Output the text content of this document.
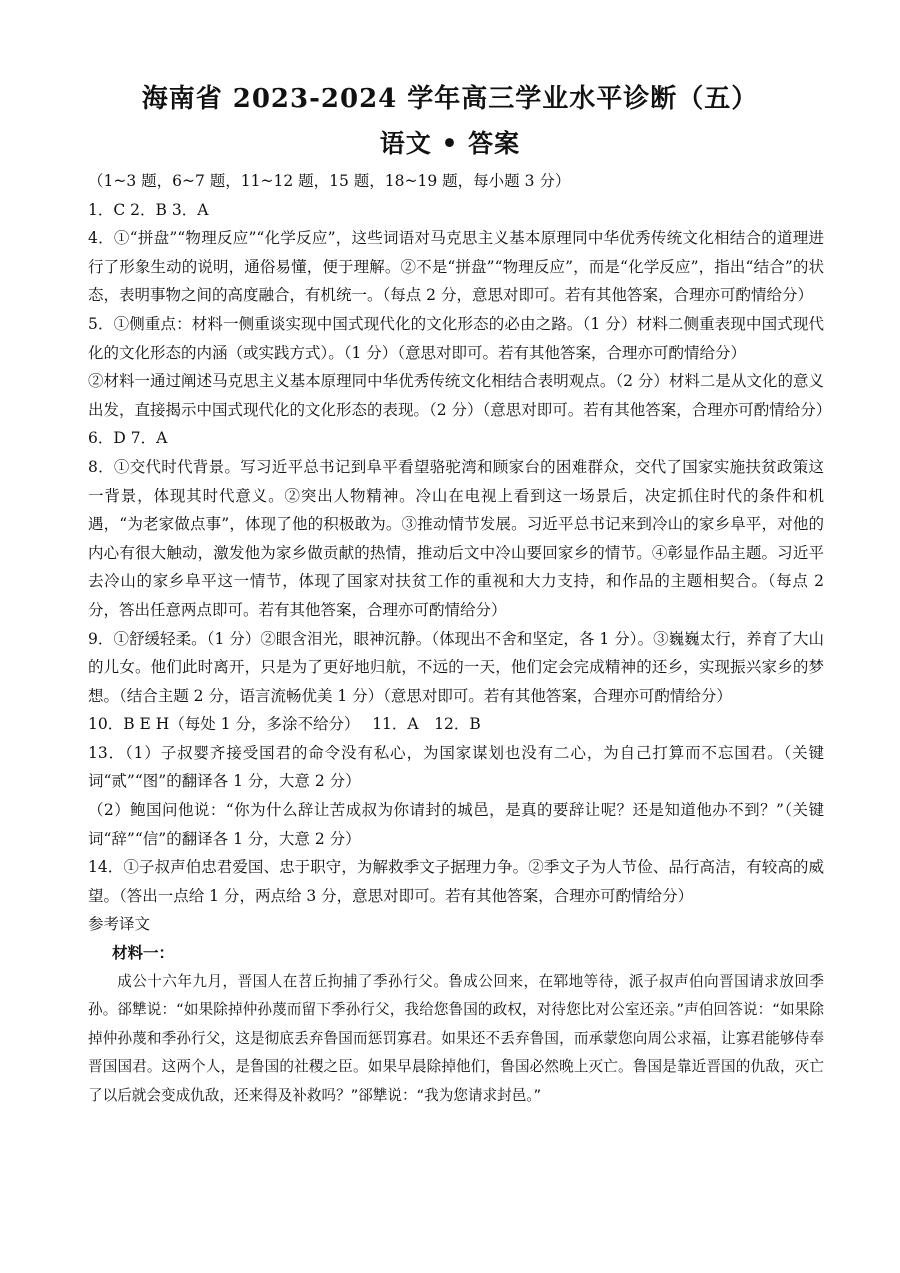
海南省 2023-2024 学年高三学业水平诊断（五）
语文 • 答案

（1~3 题，6~7 题，11~12 题，15 题，18~19 题，每小题 3 分）

1．C 2．B 3．A

4．①“拼盘”“物理反应”“化学反应”，这些词语对马克思主义基本原理同中华优秀传统文化相结合的道理进行了形象生动的说明，通俗易懂，便于理解。②不是“拼盘”“物理反应”，而是“化学反应”，指出“结合”的状态，表明事物之间的高度融合，有机统一。（每点 2 分，意思对即可。若有其他答案，合理亦可酌情给分）

5．①侧重点：材料一侧重谈实现中国式现代化的文化形态的必由之路。（1 分）材料二侧重表现中国式现代化的文化形态的内涵（或实践方式）。（1 分）（意思对即可。若有其他答案，合理亦可酌情给分）

②材料一通过阐述马克思主义基本原理同中华优秀传统文化相结合表明观点。（2 分）材料二是从文化的意义出发，直接揭示中国式现代化的文化形态的表现。（2 分）（意思对即可。若有其他答案，合理亦可酌情给分）

6．D 7．A

8．①交代时代背景。写习近平总书记到阜平看望骆驼湾和顾家台的困难群众，交代了国家实施扶贫政策这一背景，体现其时代意义。②突出人物精神。冷山在电视上看到这一场景后，决定抓住时代的条件和机遇，“为老家做点事”，体现了他的积极敢为。③推动情节发展。习近平总书记来到冷山的家乡阜平，对他的内心有很大触动，激发他为家乡做贡献的热情，推动后文中冷山要回家乡的情节。④彰显作品主题。习近平去冷山的家乡阜平这一情节，体现了国家对扶贫工作的重视和大力支持，和作品的主题相契合。（每点 2 分，答出任意两点即可。若有其他答案，合理亦可酌情给分）

9．①舒缓轻柔。（1 分）②眼含泪光，眼神沉静。（体现出不舍和坚定，各 1 分）。③巍巍太行，养育了大山的儿女。他们此时离开，只是为了更好地归航，不远的一天，他们定会完成精神的还乡，实现振兴家乡的梦想。（结合主题 2 分，语言流畅优美 1 分）（意思对即可。若有其他答案，合理亦可酌情给分）

10．B E H（每处 1 分，多涂不给分）　 11．A　12．B

13．（1）子叔婴齐接受国君的命令没有私心，为国家谋划也没有二心，为自己打算而不忘国君。（关键词“贰”“图”的翻译各 1 分，大意 2 分）

（2）鲍国问他说：“你为什么辞让苦成叔为你请封的城邑，是真的要辞让呢？还是知道他办不到？”（关键词“辞”“信”的翻译各 1 分，大意 2 分）

14．①子叔声伯忠君爱国、忠于职守，为解救季文子据理力争。②季文子为人节俭、品行高洁，有较高的威望。（答出一点给 1 分，两点给 3 分，意思对即可。若有其他答案，合理亦可酌情给分）

参考译文

材料一：

成公十六年九月，晋国人在苕丘拘捕了季孙行父。鲁成公回来，在郓地等待，派子叔声伯向晋国请求放回季孙。郤犨说：“如果除掉仲孙蔑而留下季孙行父，我给您鲁国的政权，对待您比对公室还亲。”声伯回答说：“如果除掉仲孙蔑和季孙行父，这是彻底丢弃鲁国而惩罚寡君。如果还不丢弃鲁国，而承蒙您向周公求福，让寡君能够侍奉晋国国君。这两个人，是鲁国的社稷之臣。如果早晨除掉他们，鲁国必然晚上灭亡。鲁国是靠近晋国的仇敌，灭亡了以后就会变成仇敌，还来得及补救吗？”郤犨说：“我为您请求封邑。”
